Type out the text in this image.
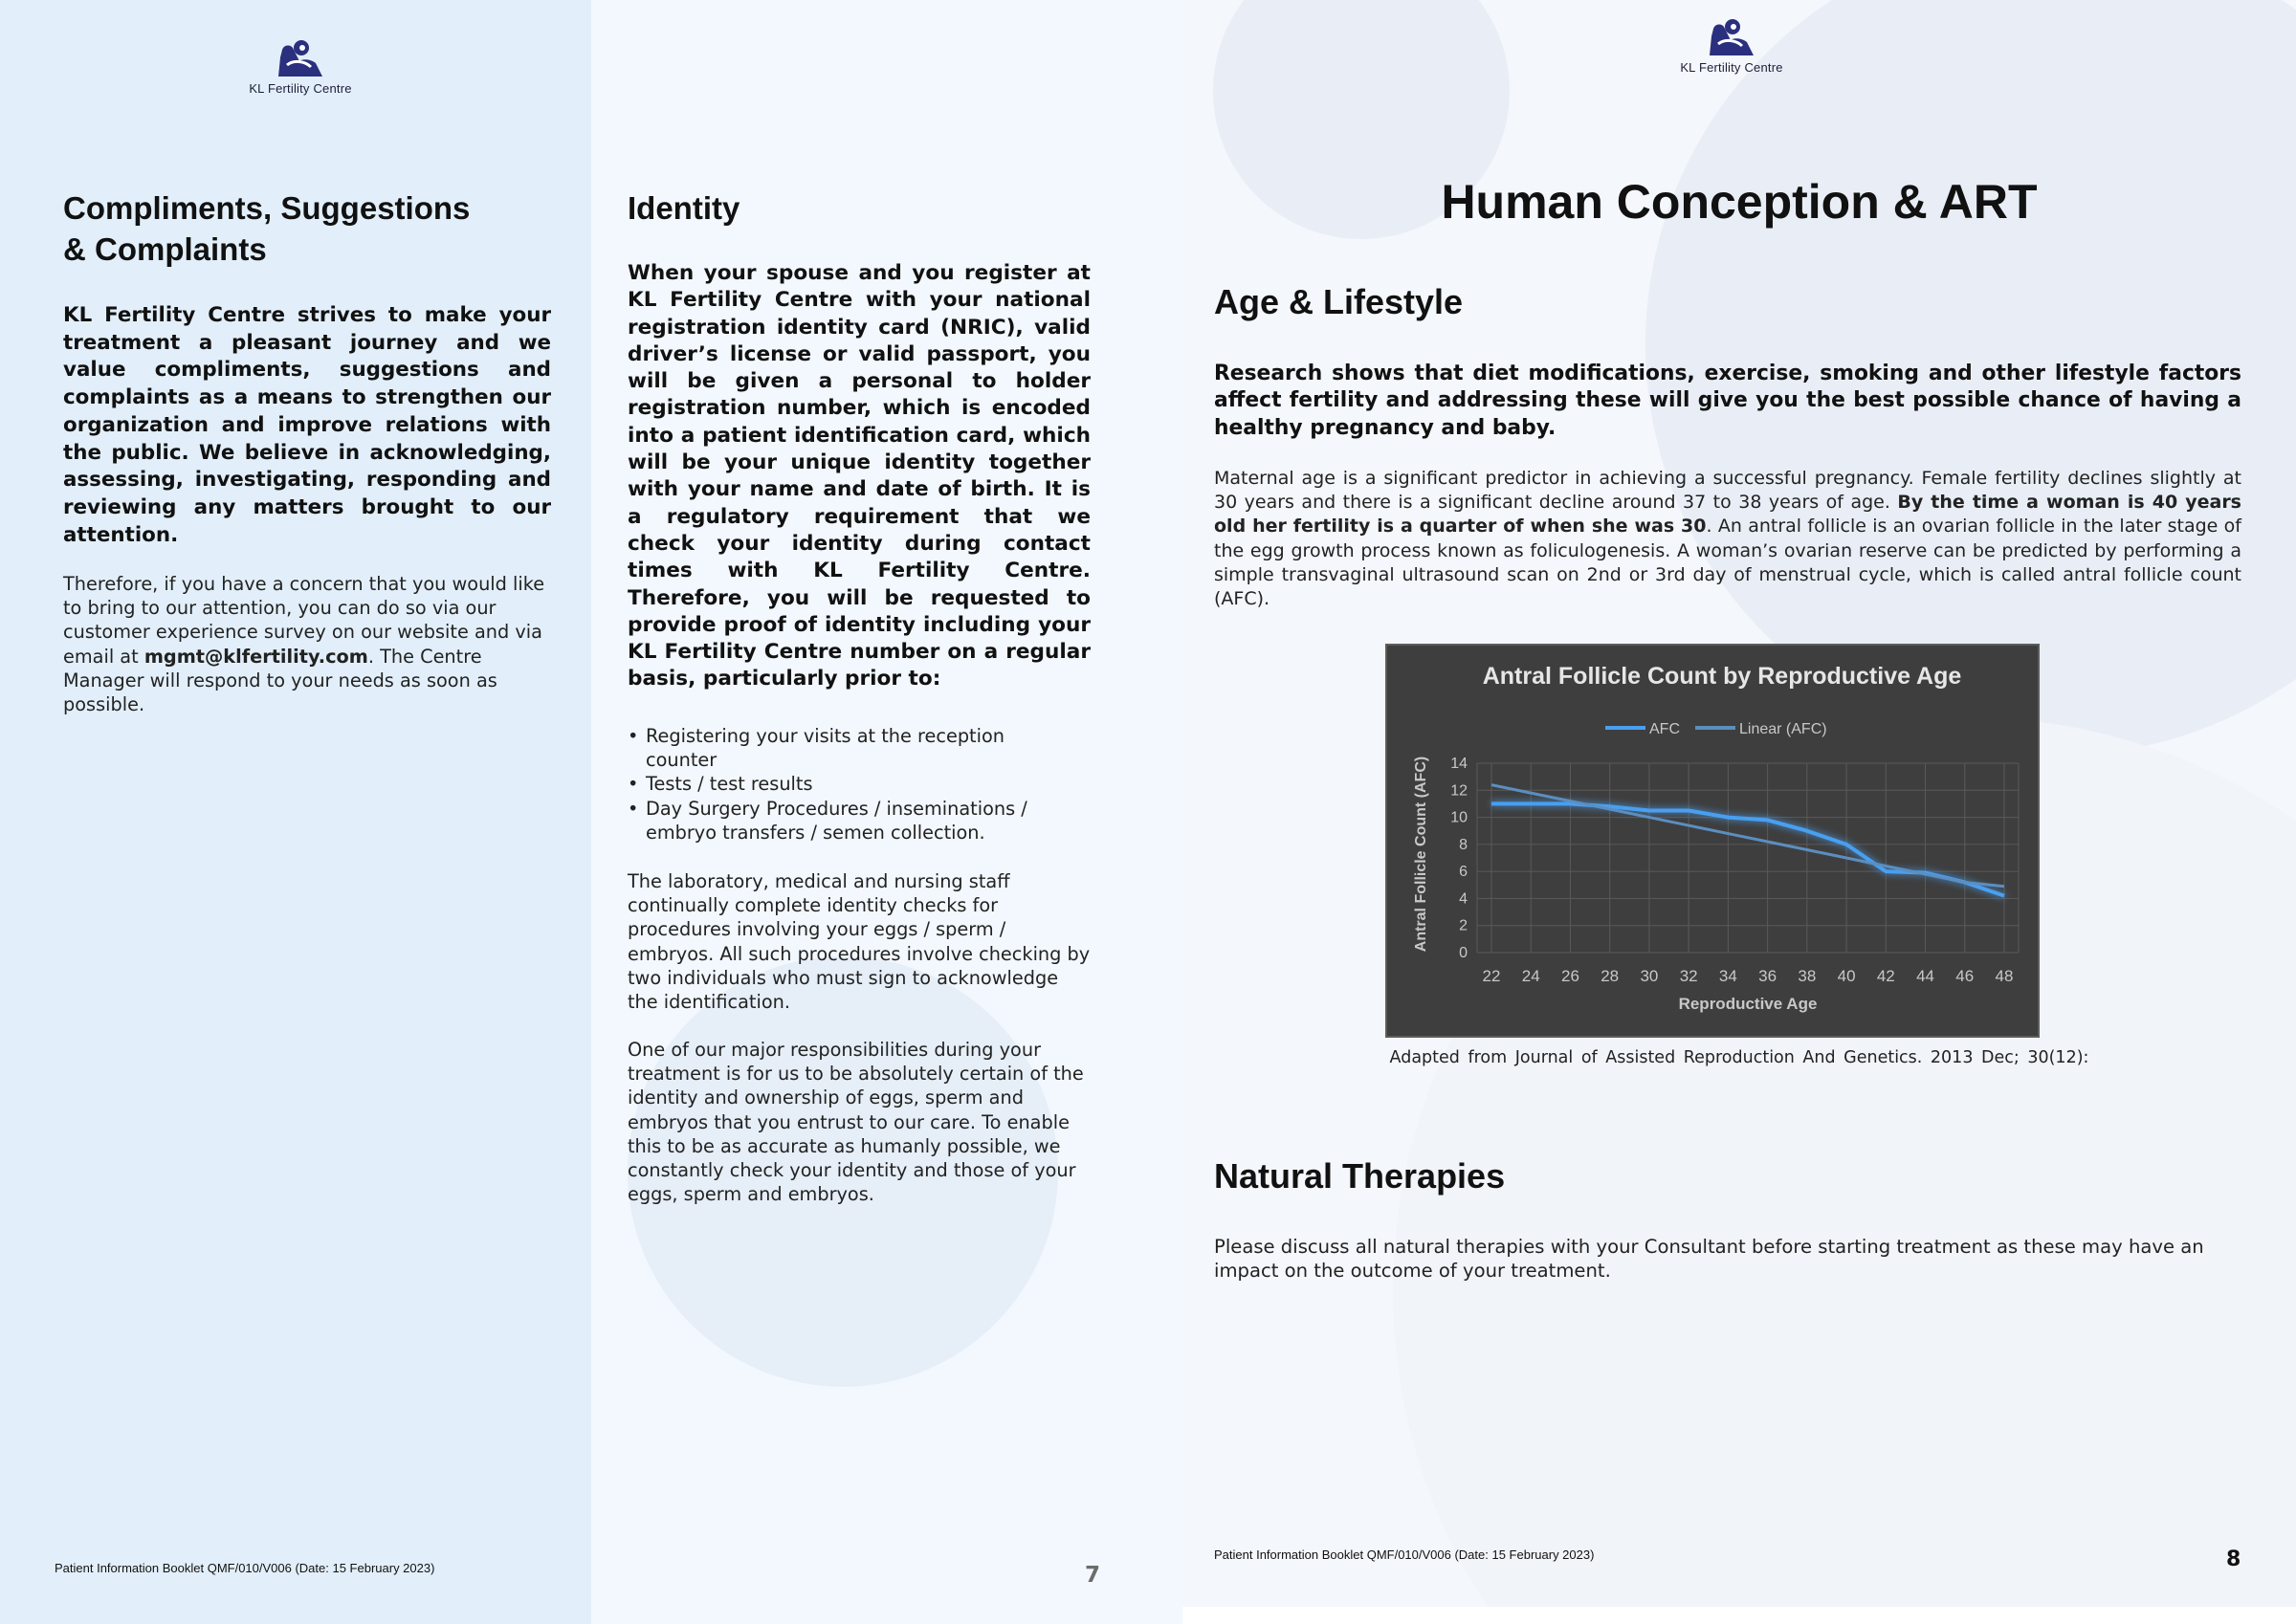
KL Fertility Centre
Compliments, Suggestions
& Complaints

KL Fertility Centre strives to make your treatment a pleasant journey and we value compliments, suggestions and complaints as a means to strengthen our organization and improve relations with the public. We believe in acknowledging, assessing, investigating, responding and reviewing any matters brought to our attention.

Therefore, if you have a concern that you would like to bring to our attention, you can do so via our customer experience survey on our website and via email at mgmt@klfertility.com. The Centre Manager will respond to your needs as soon as possible.

Identity

When your spouse and you register at KL Fertility Centre with your national registration identity card (NRIC), valid driver’s license or valid passport, you will be given a personal to holder registration number, which is encoded into a patient identification card, which will be your unique identity together with your name and date of birth. It is a regulatory requirement that we check your identity during contact times with KL Fertility Centre. Therefore, you will be requested to provide proof of identity including your KL Fertility Centre number on a regular basis, particularly prior to:

• Registering your visits at the reception counter
• Tests / test results
• Day Surgery Procedures / inseminations / embryo transfers / semen collection.

The laboratory, medical and nursing staff continually complete identity checks for procedures involving your eggs / sperm / embryos. All such procedures involve checking by two individuals who must sign to acknowledge the identification.

One of our major responsibilities during your treatment is for us to be absolutely certain of the identity and ownership of eggs, sperm and embryos that you entrust to our care. To enable this to be as accurate as humanly possible, we constantly check your identity and those of your eggs, sperm and embryos.

Patient Information Booklet QMF/010/V006 (Date: 15 February 2023)	7
KL Fertility Centre
Human Conception & ART
Age & Lifestyle

Research shows that diet modifications, exercise, smoking and other lifestyle factors affect fertility and addressing these will give you the best possible chance of having a healthy pregnancy and baby.

Maternal age is a significant predictor in achieving a successful pregnancy. Female fertility declines slightly at 30 years and there is a significant decline around 37 to 38 years of age. By the time a woman is 40 years old her fertility is a quarter of when she was 30. An antral follicle is an ovarian follicle in the later stage of the egg growth process known as foliculogenesis. A woman’s ovarian reserve can be predicted by performing a simple transvaginal ultrasound scan on 2nd or 3rd day of menstrual cycle, which is called antral follicle count (AFC).

Antral Follicle Count by Reproductive Age
AFC	Linear (AFC)
0
2
4
6
8
10
12
14
22 24 26 28 30 32 34 36 38 40 42 44 46 48
Reproductive Age
Antral Follicle Count (AFC)

Adapted from Journal of Assisted Reproduction And Genetics. 2013 Dec; 30(12):

Natural Therapies

Please discuss all natural therapies with your Consultant before starting treatment as these may have an impact on the outcome of your treatment.

Patient Information Booklet QMF/010/V006 (Date: 15 February 2023)	8
